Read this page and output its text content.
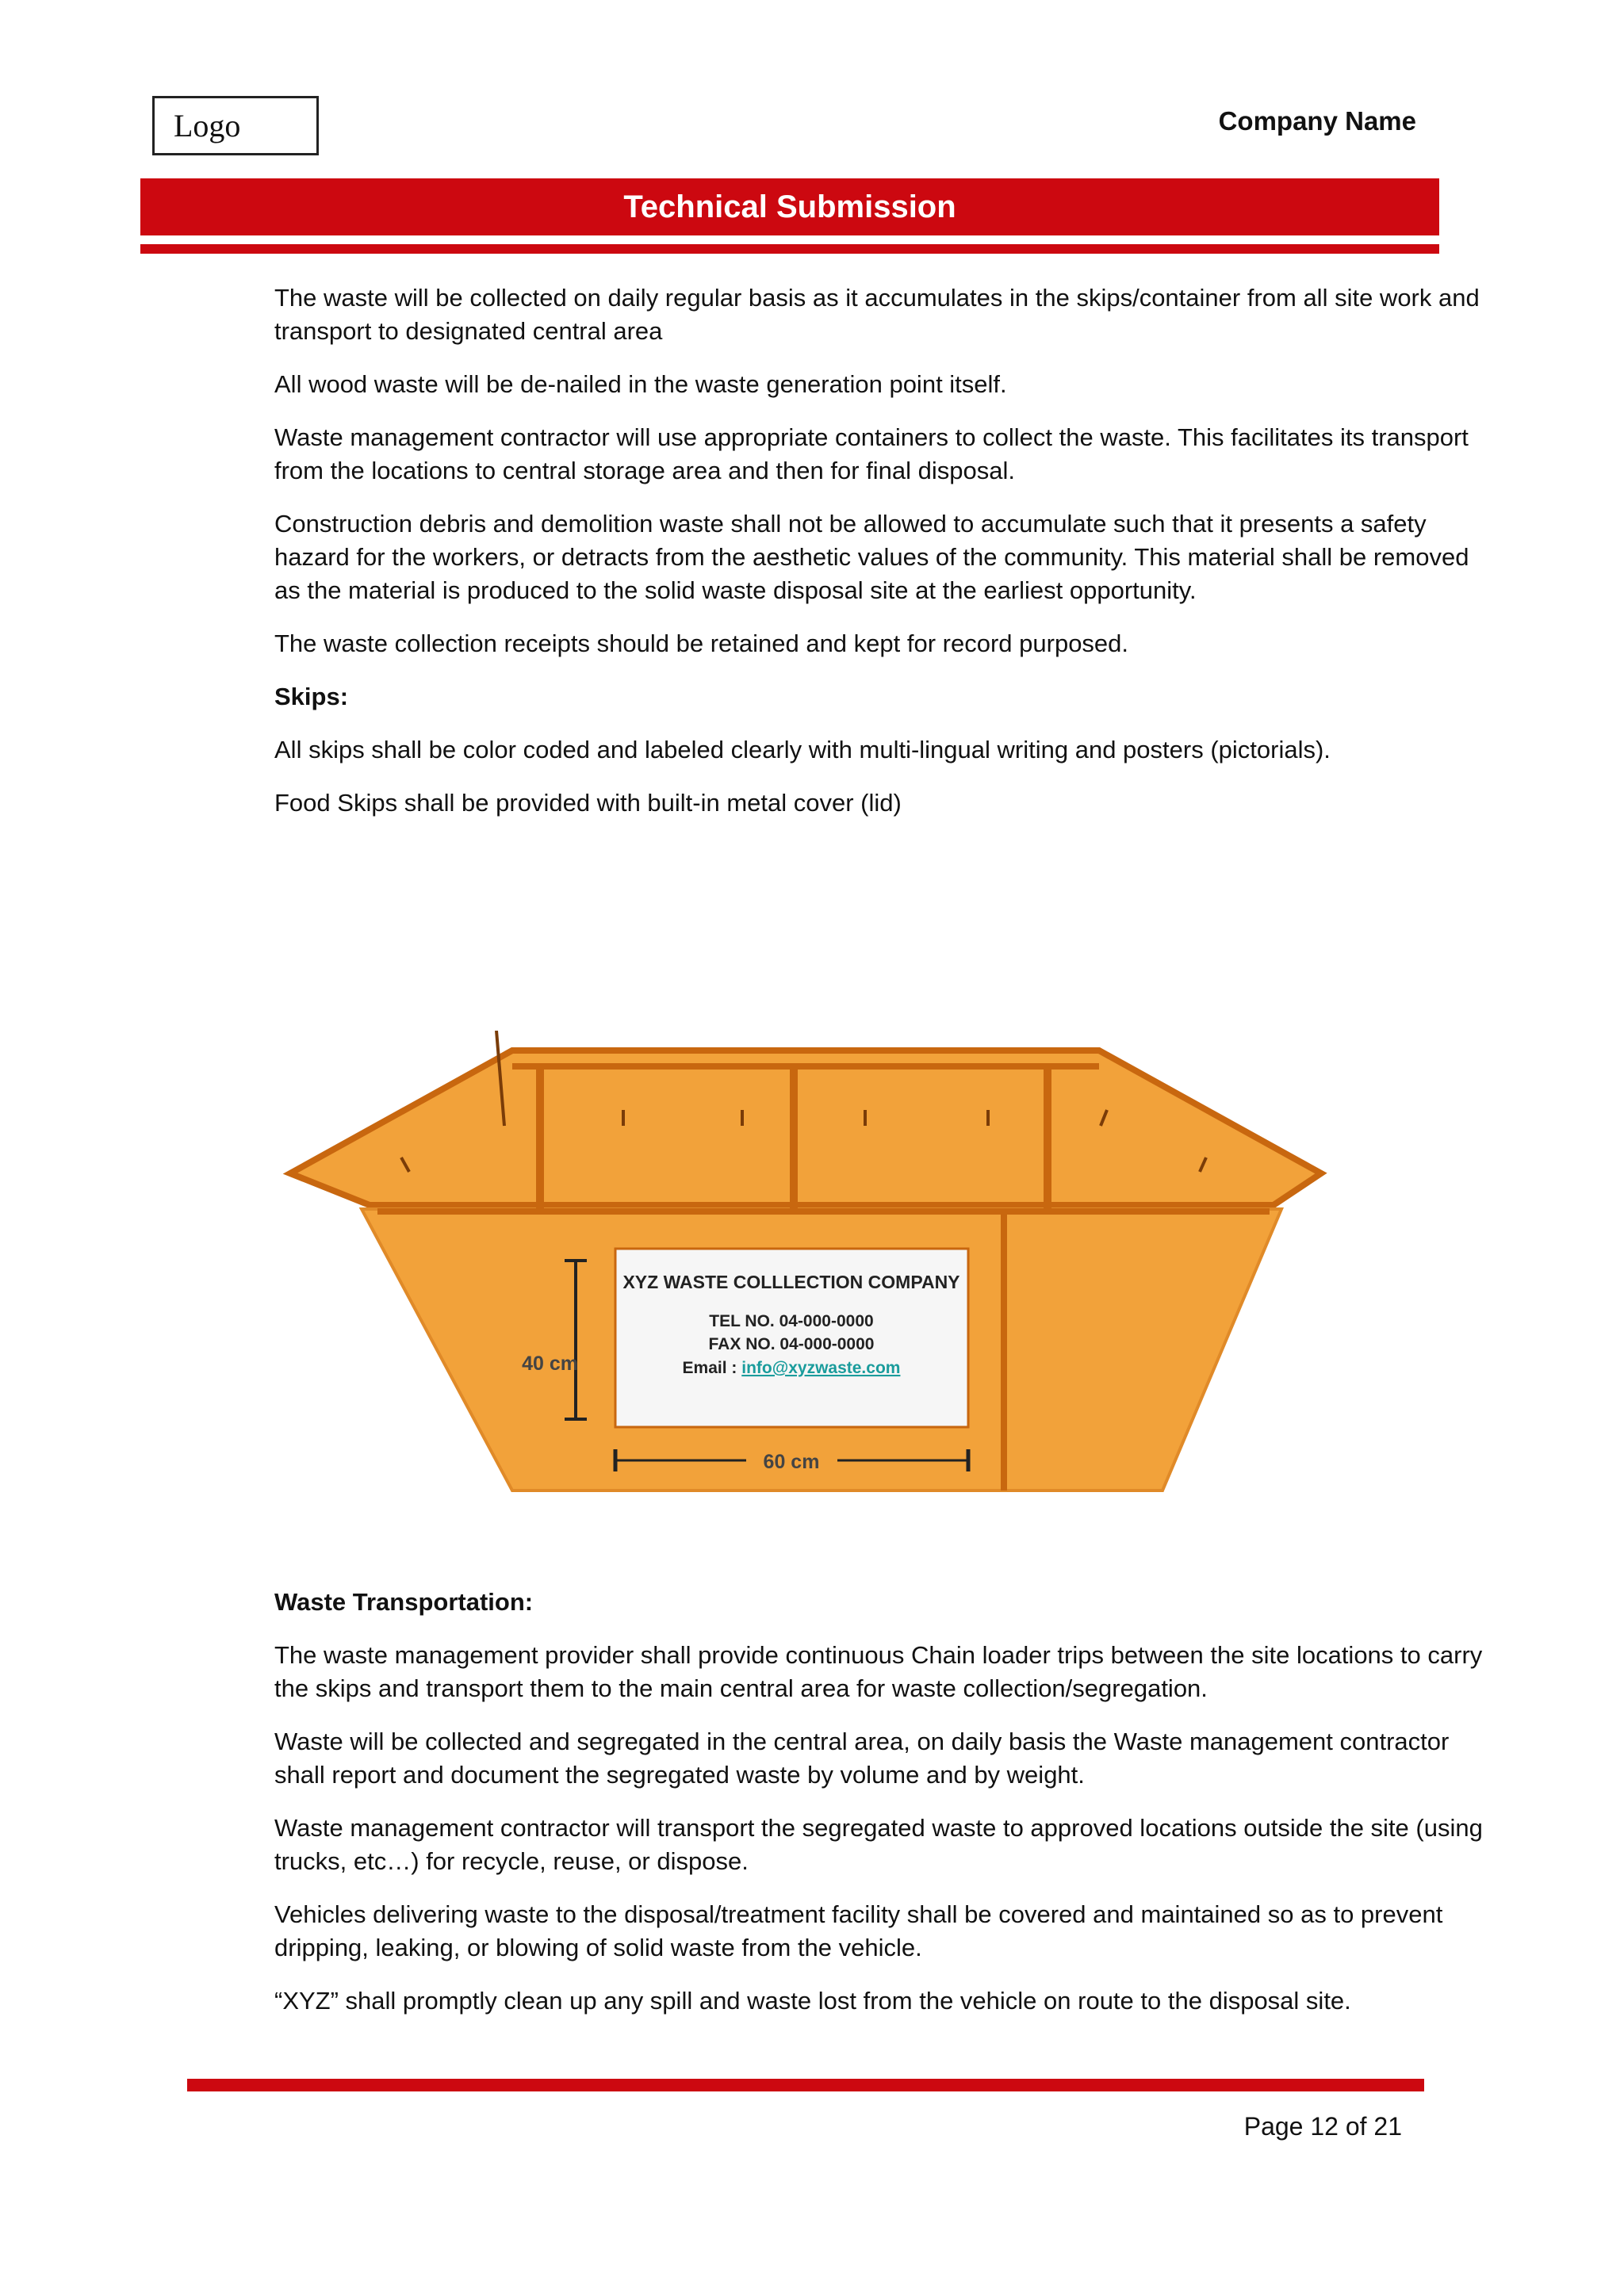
Logo	Company Name
Technical Submission

The waste will be collected on daily regular basis as it accumulates in the skips/container from all site work and transport to designated central area

All wood waste will be de-nailed in the waste generation point itself.

Waste management contractor will use appropriate containers to collect the waste. This facilitates its transport from the locations to central storage area and then for final disposal.

Construction debris and demolition waste shall not be allowed to accumulate such that it presents a safety hazard for the workers, or detracts from the aesthetic values of the community. This material shall be removed as the material is produced to the solid waste disposal site at the earliest opportunity.

The waste collection receipts should be retained and kept for record purposed.

Skips:

All skips shall be color coded and labeled clearly with multi-lingual writing and posters (pictorials).

Food Skips shall be provided with built-in metal cover (lid)

XYZ WASTE COLLLECTION COMPANY
TEL NO. 04-000-0000
FAX NO. 04-000-0000
Email : info@xyzwaste.com
40 cm
60 cm

Waste Transportation:

The waste management provider shall provide continuous Chain loader trips between the site locations to carry the skips and transport them to the main central area for waste collection/segregation.

Waste will be collected and segregated in the central area, on daily basis the Waste management contractor shall report and document the segregated waste by volume and by weight.

Waste management contractor will transport the segregated waste to approved locations outside the site (using trucks, etc…) for recycle, reuse, or dispose.

Vehicles delivering waste to the disposal/treatment facility shall be covered and maintained so as to prevent dripping, leaking, or blowing of solid waste from the vehicle.

“XYZ” shall promptly clean up any spill and waste lost from the vehicle on route to the disposal site.

Page 12 of 21
